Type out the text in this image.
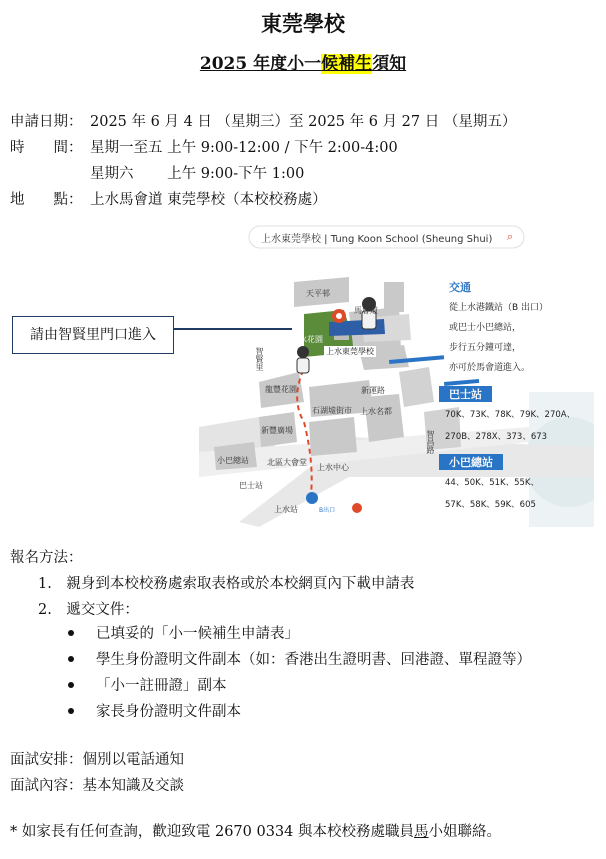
東莞學校
2025 年度小一候補生須知
申請日期： 2025 年 6 月 4 日 （星期三）至 2025 年 6 月 27 日 （星期五）
時　　間： 星期一至五 上午 9:00-12:00 / 下午 2:00-4:00
星期六　　 上午 9:00-下午 1:00
地　　點： 上水馬會道 東莞學校（本校校務處）
上水東莞學校 | Tung Koon School (Sheung Shui) ⌕
天平邨
馬會道
上水花園
上水東莞學校
龍豐花園
石湖墟街市 上水名都
新運路
新豐廣場
北區大會堂
上水中心
小巴總站
巴士站
上水站	B出口
智賢里
智昌路
交通
從上水港鐵站（B 出口）
或巴士小巴總站，
步行五分鐘可達，
亦可於馬會道進入。
巴士站
70K、73K、78K、79K、270A、
270B、278X、373、673
小巴總站
44、50K、51K、55K、
57K、58K、59K、605
請由智賢里門口進入
報名方法：
1.　親身到本校校務處索取表格或於本校網頁內下載申請表
2.　遞交文件：
已填妥的「小一候補生申請表」
學生身份證明文件副本（如：香港出生證明書、回港證、單程證等）
「小一註冊證」副本
家長身份證明文件副本
面試安排：個別以電話通知
面試內容：基本知識及交談
* 如家長有任何查詢，歡迎致電 2670 0334 與本校校務處職員馬小姐聯絡。
